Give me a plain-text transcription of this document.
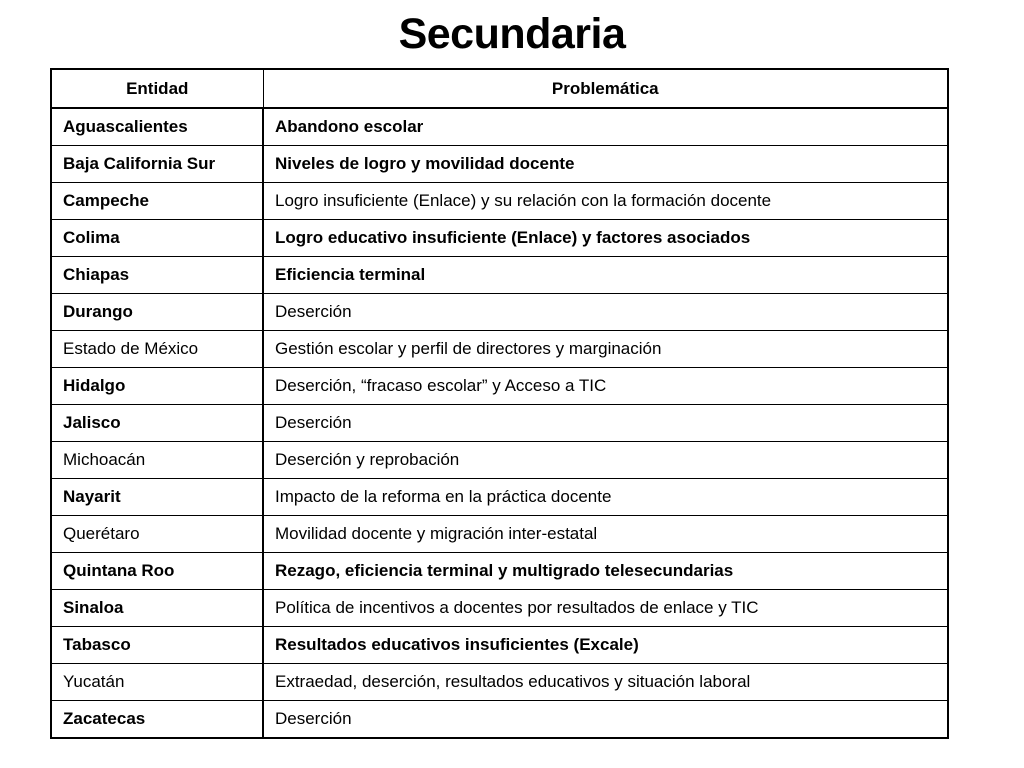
Secundaria
Entidad	Problemática
Aguascalientes	Abandono escolar
Baja California Sur	Niveles de logro y movilidad docente
Campeche	Logro insuficiente (Enlace) y su relación con la formación docente
Colima	Logro educativo insuficiente (Enlace) y factores asociados
Chiapas	Eficiencia terminal
Durango	Deserción
Estado de México	Gestión escolar y perfil de directores y marginación
Hidalgo	Deserción, “fracaso escolar” y Acceso a TIC
Jalisco	Deserción
Michoacán	Deserción y reprobación
Nayarit	Impacto de la reforma en la práctica docente
Querétaro	Movilidad docente y migración inter-estatal
Quintana Roo	Rezago, eficiencia terminal y multigrado telesecundarias
Sinaloa	Política de incentivos a docentes por resultados de enlace y TIC
Tabasco	Resultados educativos insuficientes (Excale)
Yucatán	Extraedad, deserción, resultados educativos y situación laboral
Zacatecas	Deserción
